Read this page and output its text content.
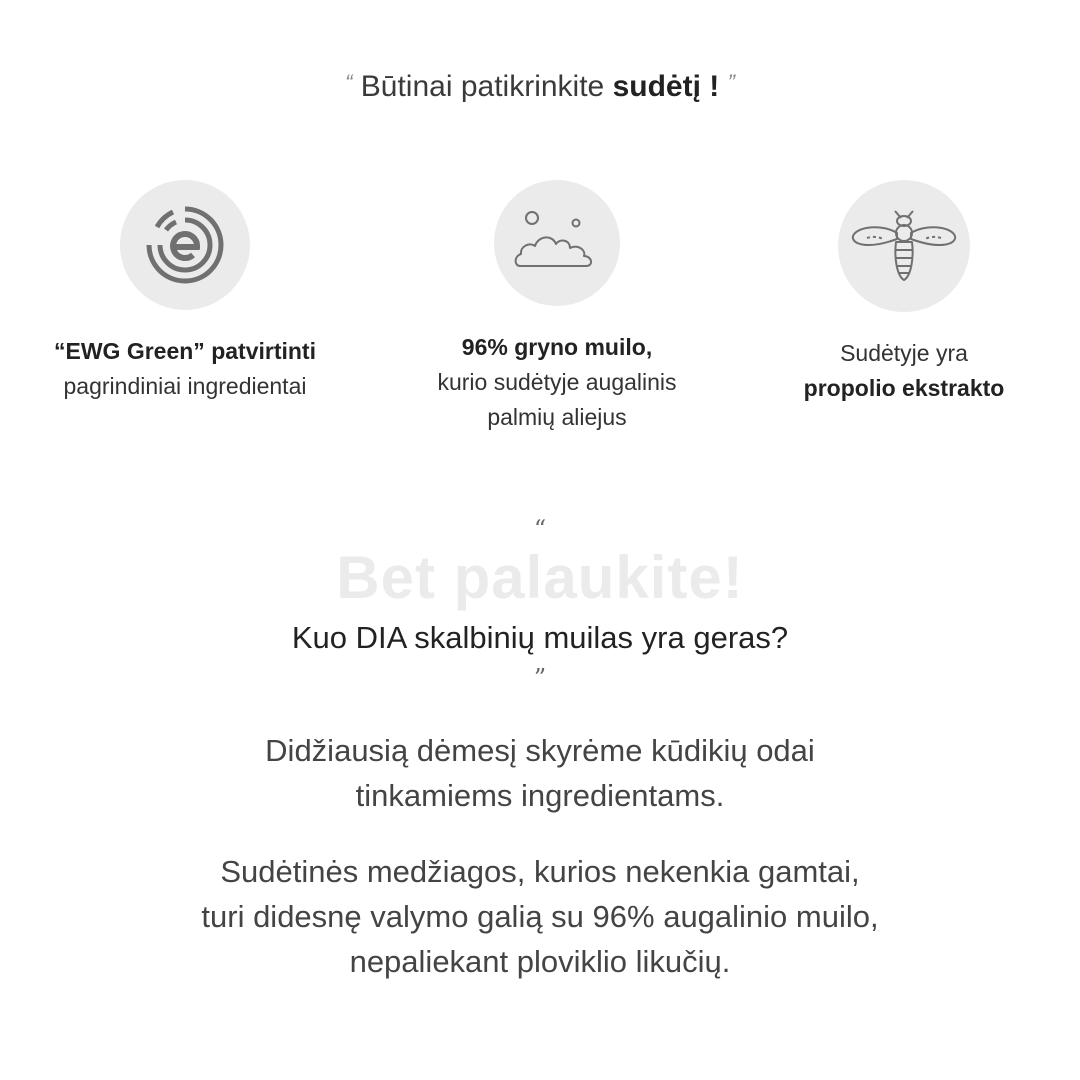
“ Būtinai patikrinkite sudėtį ! ”
“EWG Green” patvirtinti
pagrindiniai ingredientai
96% gryno muilo,
kurio sudėtyje augalinis
palmių aliejus
Sudėtyje yra
propolio ekstrakto
“
Bet palaukite!
Kuo DIA skalbinių muilas yra geras?
”
Didžiausią dėmesį skyrėme kūdikių odai
tinkamiems ingredientams.
Sudėtinės medžiagos, kurios nekenkia gamtai,
turi didesnę valymo galią su 96% augalinio muilo,
nepaliekant ploviklio likučių.
